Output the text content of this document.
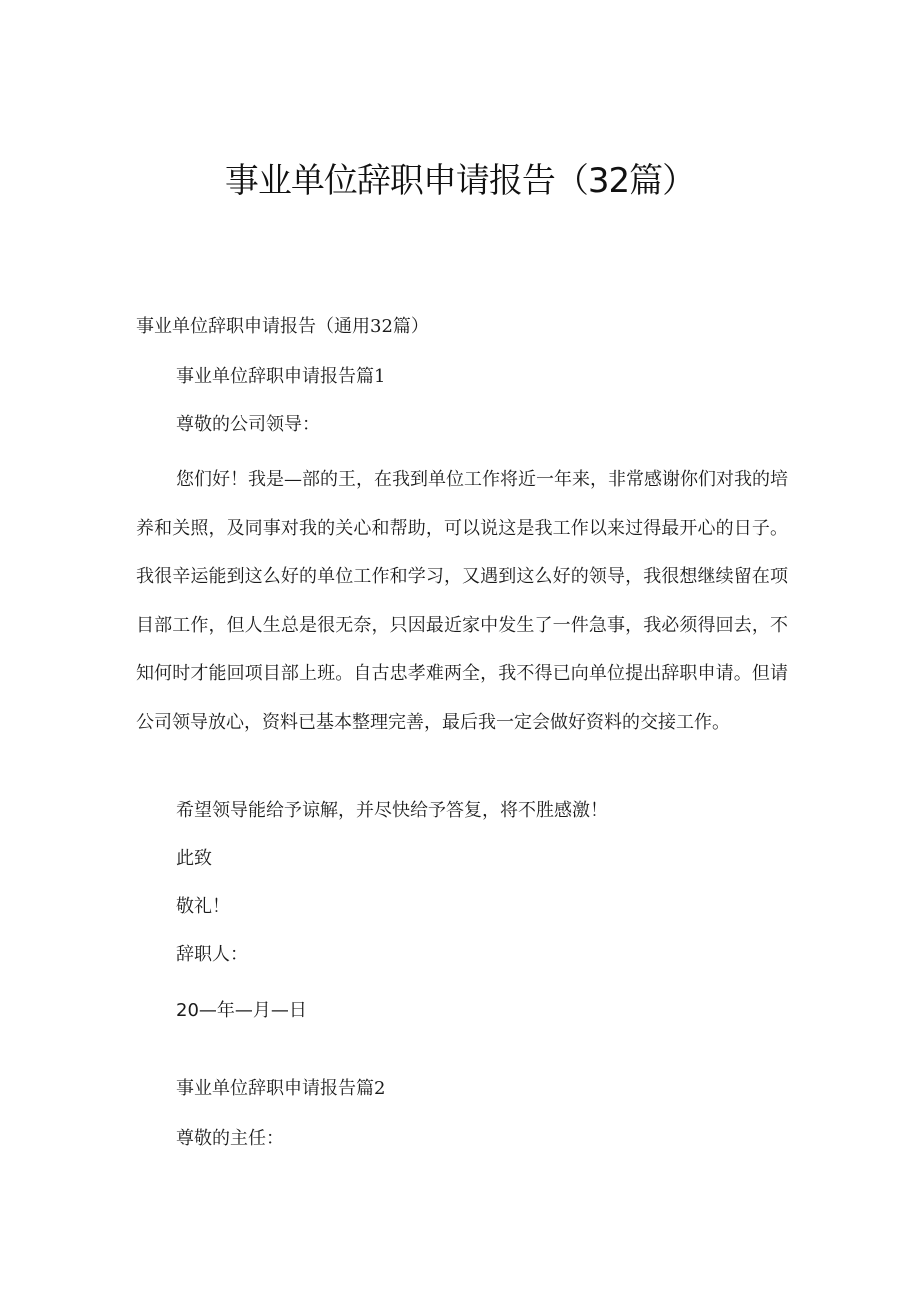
事业单位辞职申请报告（32篇）
事业单位辞职申请报告（通用32篇）
事业单位辞职申请报告篇1
尊敬的公司领导：
您们好！我是—部的王，在我到单位工作将近一年来，非常感谢你们对我的培养和关照，及同事对我的关心和帮助，可以说这是我工作以来过得最开心的日子。我很辛运能到这么好的单位工作和学习，又遇到这么好的领导，我很想继续留在项目部工作，但人生总是很无奈，只因最近家中发生了一件急事，我必须得回去，不知何时才能回项目部上班。自古忠孝难两全，我不得已向单位提出辞职申请。但请公司领导放心，资料已基本整理完善，最后我一定会做好资料的交接工作。
希望领导能给予谅解，并尽快给予答复，将不胜感激！
此致
敬礼！
辞职人：
20—年—月—日
事业单位辞职申请报告篇2
尊敬的主任：
